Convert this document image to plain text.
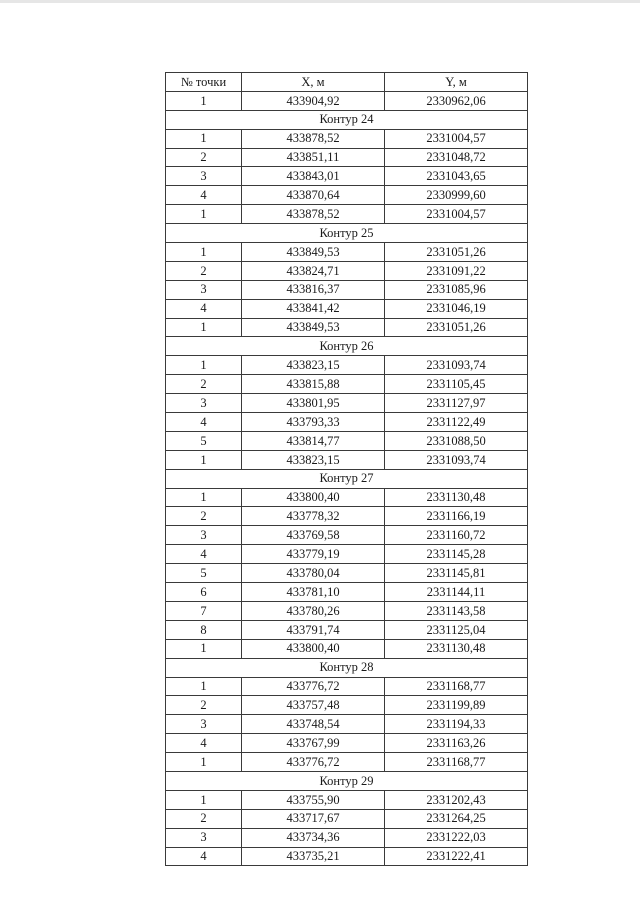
№ точки	X, м	Y, м
1	433904,92	2330962,06
Контур 24		
1	433878,52	2331004,57
2	433851,11	2331048,72
3	433843,01	2331043,65
4	433870,64	2330999,60
1	433878,52	2331004,57
Контур 25		
1	433849,53	2331051,26
2	433824,71	2331091,22
3	433816,37	2331085,96
4	433841,42	2331046,19
1	433849,53	2331051,26
Контур 26		
1	433823,15	2331093,74
2	433815,88	2331105,45
3	433801,95	2331127,97
4	433793,33	2331122,49
5	433814,77	2331088,50
1	433823,15	2331093,74
Контур 27		
1	433800,40	2331130,48
2	433778,32	2331166,19
3	433769,58	2331160,72
4	433779,19	2331145,28
5	433780,04	2331145,81
6	433781,10	2331144,11
7	433780,26	2331143,58
8	433791,74	2331125,04
1	433800,40	2331130,48
Контур 28		
1	433776,72	2331168,77
2	433757,48	2331199,89
3	433748,54	2331194,33
4	433767,99	2331163,26
1	433776,72	2331168,77
Контур 29		
1	433755,90	2331202,43
2	433717,67	2331264,25
3	433734,36	2331222,03
4	433735,21	2331222,41
